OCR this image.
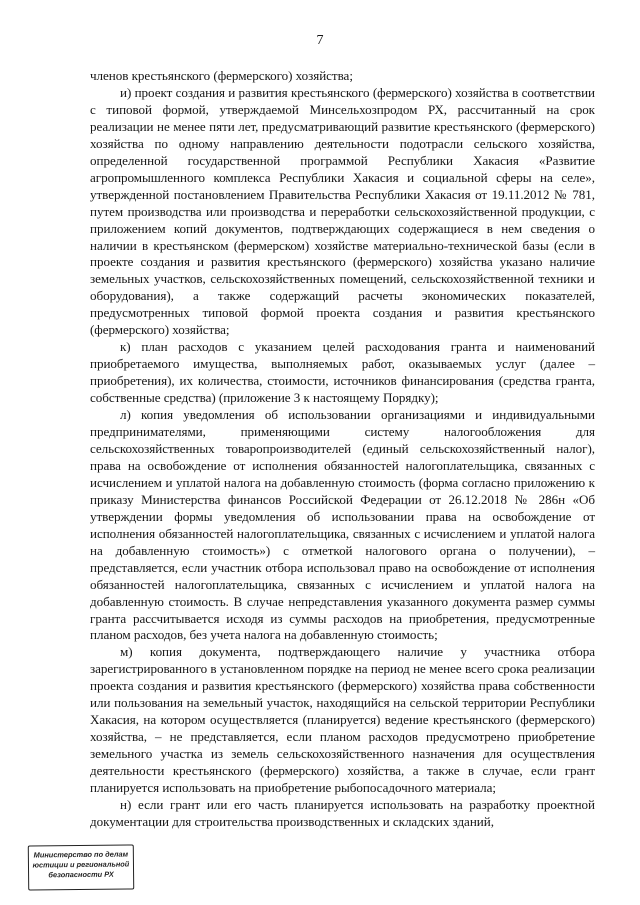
7

членов крестьянского (фермерского) хозяйства;

и) проект создания и развития крестьянского (фермерского) хозяйства в соответствии с типовой формой, утверждаемой Минсельхозпродом РХ, рассчитанный на срок реализации не менее пяти лет, предусматривающий развитие крестьянского (фермерского) хозяйства по одному направлению деятельности подотрасли сельского хозяйства, определенной государственной программой Республики Хакасия «Развитие агропромышленного комплекса Республики Хакасия и социальной сферы на селе», утвержденной постановлением Правительства Республики Хакасия от 19.11.2012 № 781, путем производства или производства и переработки сельскохозяйственной продукции, с приложением копий документов, подтверждающих содержащиеся в нем сведения о наличии в крестьянском (фермерском) хозяйстве материально-технической базы (если в проекте создания и развития крестьянского (фермерского) хозяйства указано наличие земельных участков, сельскохозяйственных помещений, сельскохозяйственной техники и оборудования), а также содержащий расчеты экономических показателей, предусмотренных типовой формой проекта создания и развития крестьянского (фермерского) хозяйства;

к) план расходов с указанием целей расходования гранта и наименований приобретаемого имущества, выполняемых работ, оказываемых услуг (далее – приобретения), их количества, стоимости, источников финансирования (средства гранта, собственные средства) (приложение 3 к настоящему Порядку);

л) копия уведомления об использовании организациями и индивидуальными предпринимателями, применяющими систему налогообложения для сельскохозяйственных товаропроизводителей (единый сельскохозяйственный налог), права на освобождение от исполнения обязанностей налогоплательщика, связанных с исчислением и уплатой налога на добавленную стоимость (форма согласно приложению к приказу Министерства финансов Российской Федерации от 26.12.2018 № 286н «Об утверждении формы уведомления об использовании права на освобождение от исполнения обязанностей налогоплательщика, связанных с исчислением и уплатой налога на добавленную стоимость») с отметкой налогового органа о получении), – представляется, если участник отбора использовал право на освобождение от исполнения обязанностей налогоплательщика, связанных с исчислением и уплатой налога на добавленную стоимость. В случае непредставления указанного документа размер суммы гранта рассчитывается исходя из суммы расходов на приобретения, предусмотренные планом расходов, без учета налога на добавленную стоимость;

м) копия документа, подтверждающего наличие у участника отбора зарегистрированного в установленном порядке на период не менее всего срока реализации проекта создания и развития крестьянского (фермерского) хозяйства права собственности или пользования на земельный участок, находящийся на сельской территории Республики Хакасия, на котором осуществляется (планируется) ведение крестьянского (фермерского) хозяйства, – не представляется, если планом расходов предусмотрено приобретение земельного участка из земель сельскохозяйственного назначения для осуществления деятельности крестьянского (фермерского) хозяйства, а также в случае, если грант планируется использовать на приобретение рыбопосадочного материала;

н) если грант или его часть планируется использовать на разработку проектной документации для строительства производственных и складских зданий,

Министерство по делам
юстиции и региональной
безопасности РХ
